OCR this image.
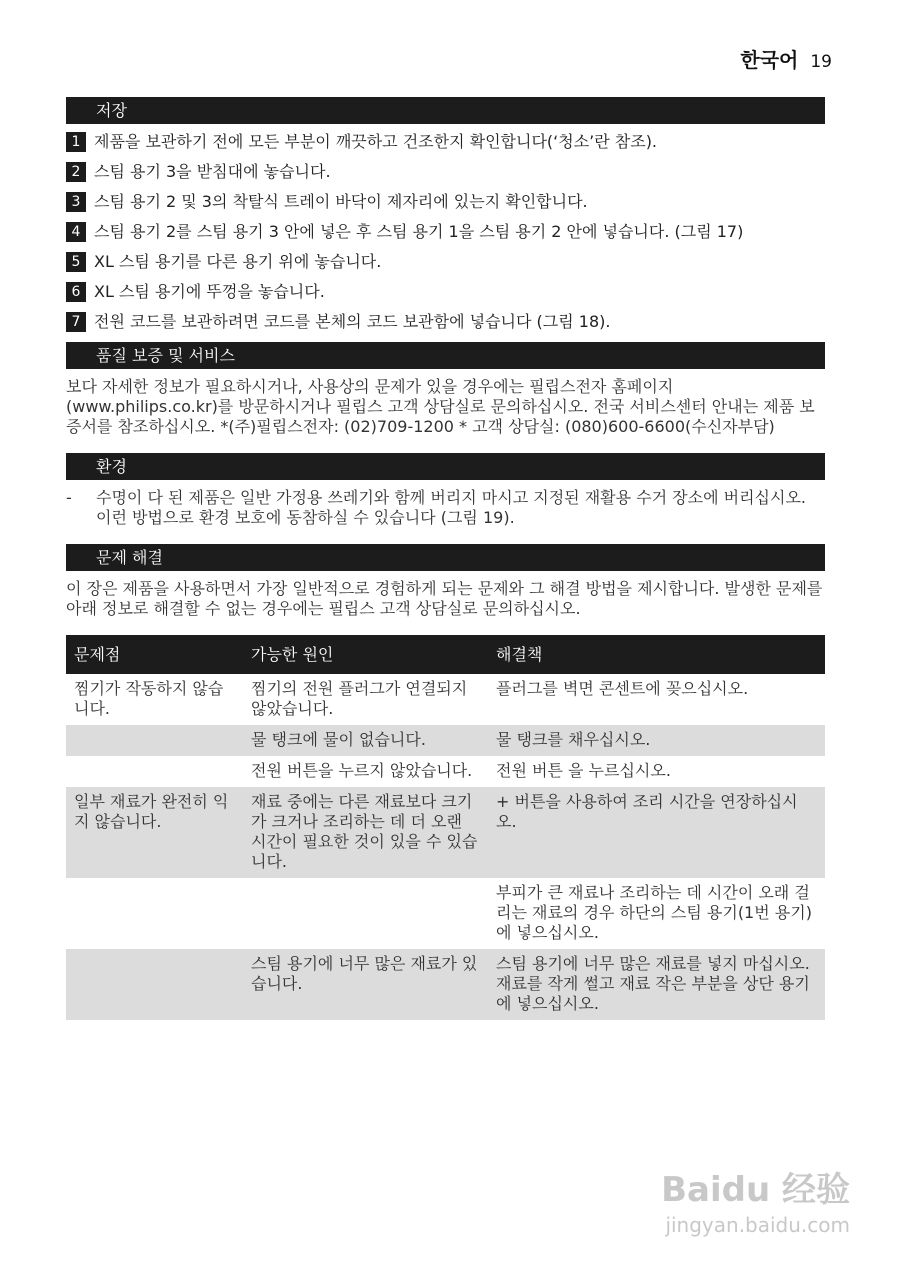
한국어 19
저장
1 제품을 보관하기 전에 모든 부분이 깨끗하고 건조한지 확인합니다(‘청소’란 참조).
2 스팀 용기 3을 받침대에 놓습니다.
3 스팀 용기 2 및 3의 착탈식 트레이 바닥이 제자리에 있는지 확인합니다.
4 스팀 용기 2를 스팀 용기 3 안에 넣은 후 스팀 용기 1을 스팀 용기 2 안에 넣습니다. (그림 17)
5 XL 스팀 용기를 다른 용기 위에 놓습니다.
6 XL 스팀 용기에 뚜껑을 놓습니다.
7 전원 코드를 보관하려면 코드를 본체의 코드 보관함에 넣습니다 (그림 18).
품질 보증 및 서비스

보다 자세한 정보가 필요하시거나, 사용상의 문제가 있을 경우에는 필립스전자 홈페이지(www.philips.co.kr)를 방문하시거나 필립스 고객 상담실로 문의하십시오. 전국 서비스센터 안내는 제품 보증서를 참조하십시오. *(주)필립스전자: (02)709-1200 * 고객 상담실: (080)600-6600(수신자부담)

환경
-	수명이 다 된 제품은 일반 가정용 쓰레기와 함께 버리지 마시고 지정된 재활용 수거 장소에 버리십시오. 이런 방법으로 환경 보호에 동참하실 수 있습니다 (그림 19).
문제 해결

이 장은 제품을 사용하면서 가장 일반적으로 경험하게 되는 문제와 그 해결 방법을 제시합니다. 발생한 문제를 아래 정보로 해결할 수 없는 경우에는 필립스 고객 상담실로 문의하십시오.

문제점	가능한 원인	해결책
찜기가 작동하지 않습니다.	찜기의 전원 플러그가 연결되지 않았습니다.	플러그를 벽면 콘센트에 꽂으십시오.
	물 탱크에 물이 없습니다.	물 탱크를 채우십시오.
	전원 버튼을 누르지 않았습니다.	전원 버튼 을 누르십시오.
일부 재료가 완전히 익지 않습니다.	재료 중에는 다른 재료보다 크기가 크거나 조리하는 데 더 오랜 시간이 필요한 것이 있을 수 있습니다.	+ 버튼을 사용하여 조리 시간을 연장하십시오.
		부피가 큰 재료나 조리하는 데 시간이 오래 걸리는 재료의 경우 하단의 스팀 용기(1번 용기)에 넣으십시오.
	스팀 용기에 너무 많은 재료가 있습니다.	스팀 용기에 너무 많은 재료를 넣지 마십시오. 재료를 작게 썰고 재료 작은 부분을 상단 용기에 넣으십시오.
Baidu 经验
jingyan.baidu.com
